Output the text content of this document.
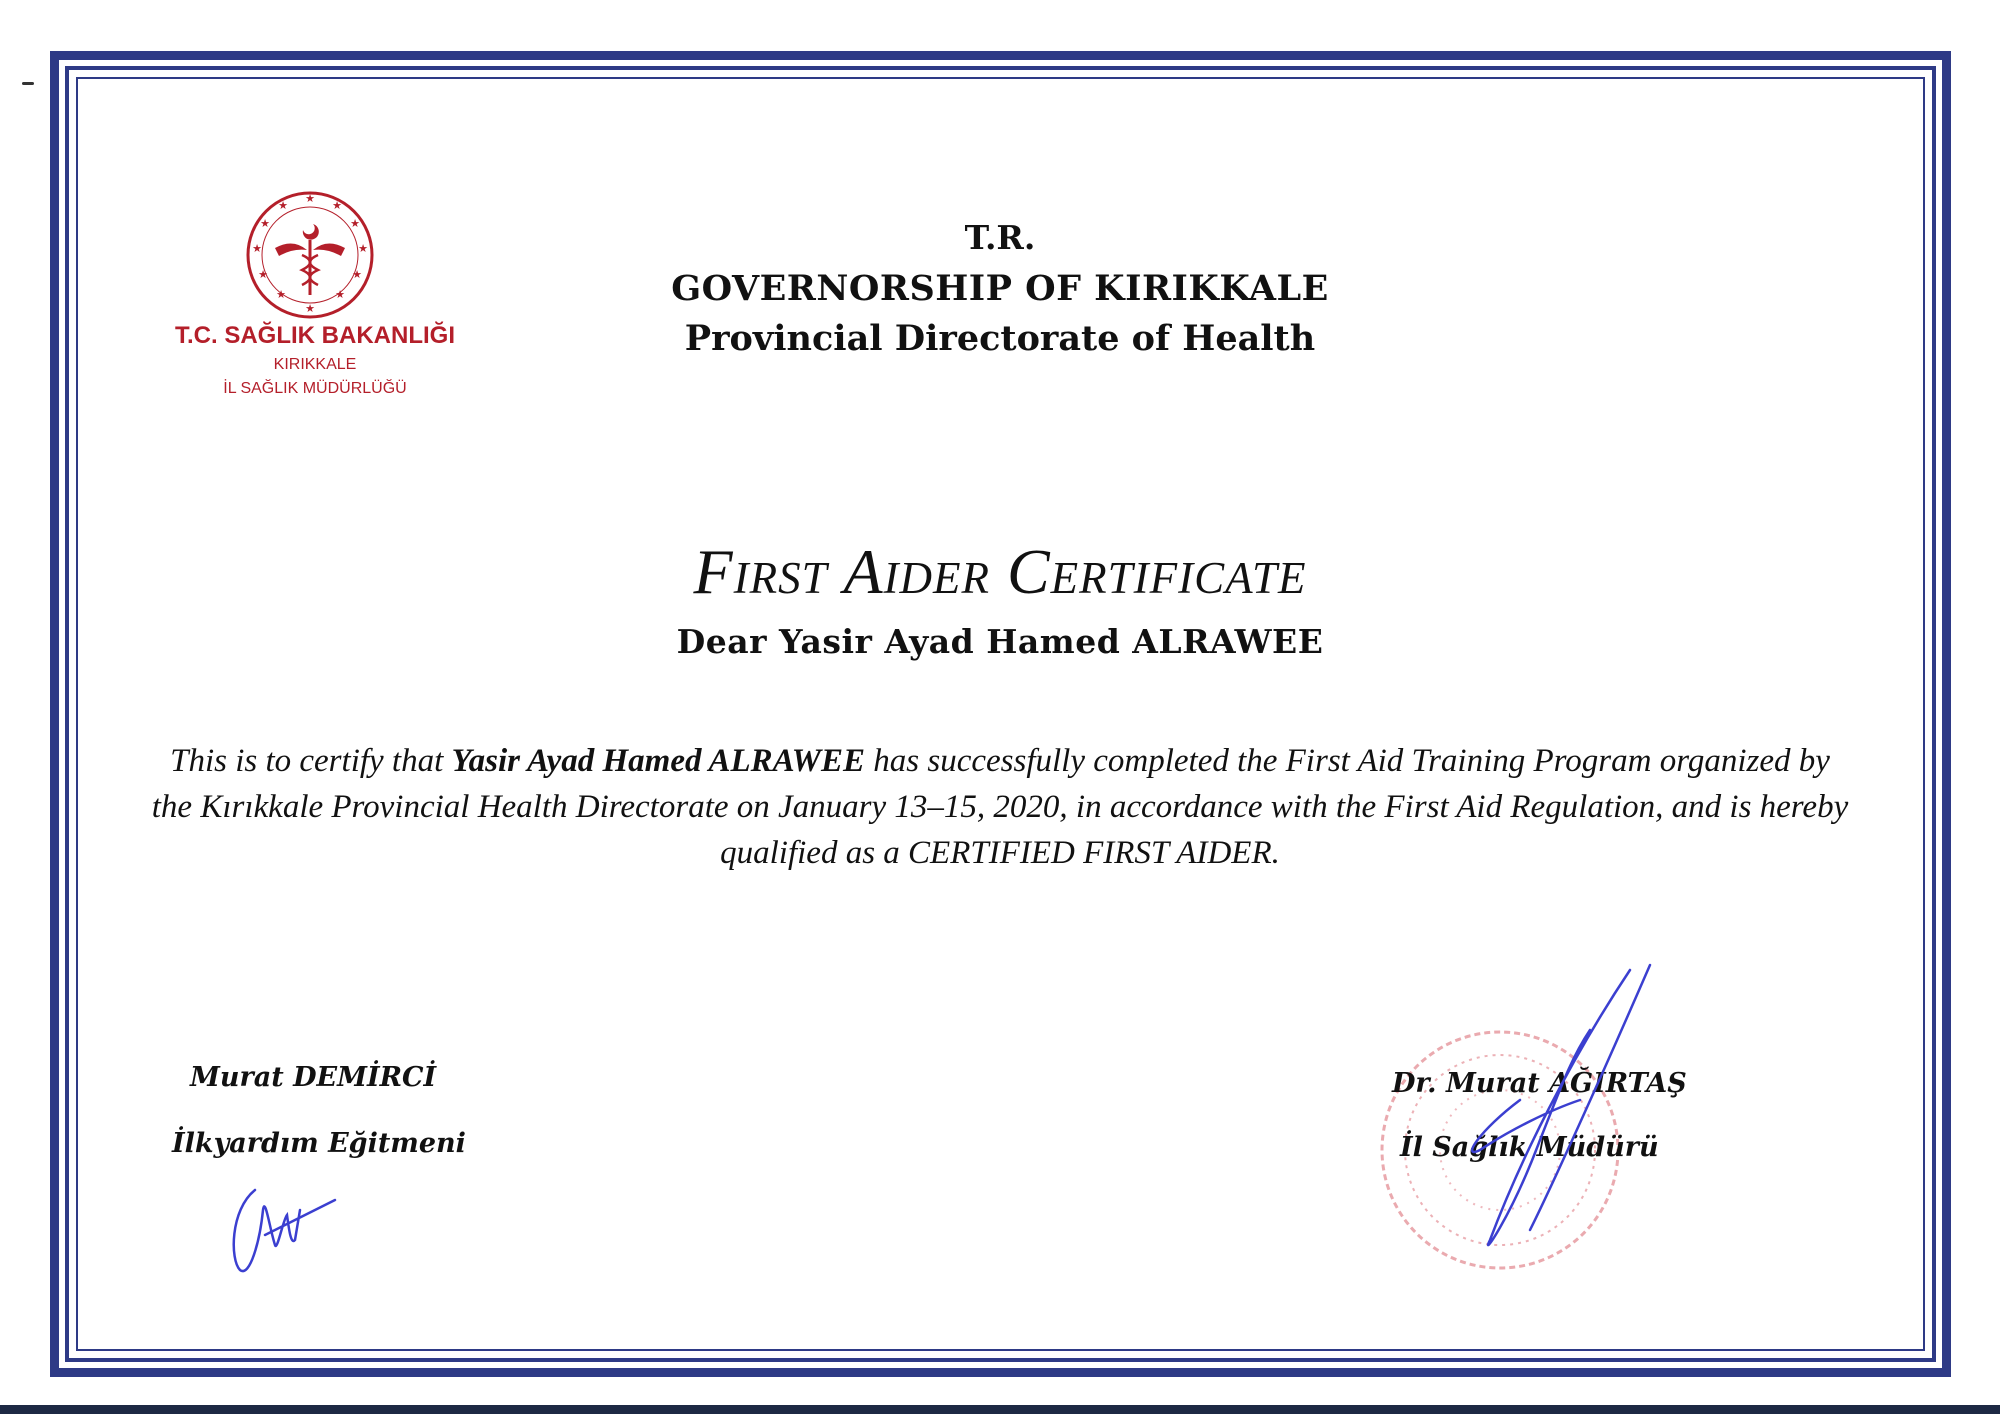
★
★
★
★
★
★
★
★
★
★
★
★
T.C. SAĞLIK BAKANLIĞI
KIRIKKALE
İL SAĞLIK MÜDÜRLÜĞÜ
T.R.
GOVERNORSHIP OF KIRIKKALE
Provincial Directorate of Health
First Aider Certificate
Dear Yasir Ayad Hamed ALRAWEE
This is to certify that Yasir Ayad Hamed ALRAWEE has successfully completed the First Aid Training Program organized by the Kırıkkale Provincial Health Directorate on January 13–15, 2020, in accordance with the First Aid Regulation, and is hereby qualified as a CERTIFIED FIRST AIDER.
Murat DEMİRCİ
İlkyardım Eğitmeni
Dr. Murat AĞIRTAŞ
İl Sağlık Müdürü
